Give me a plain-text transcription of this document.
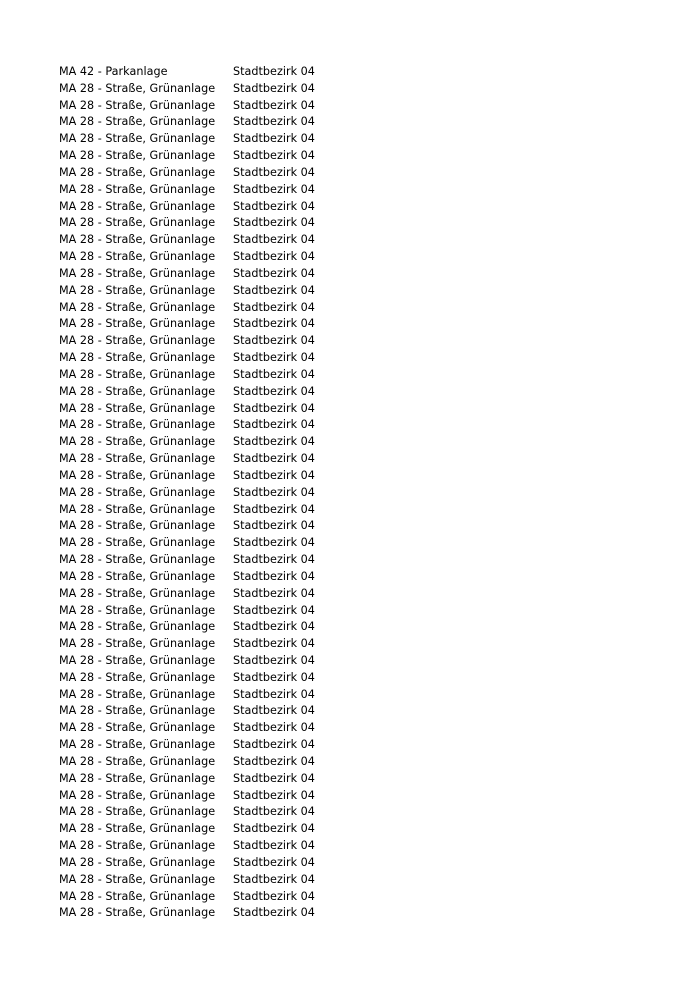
MA 42 - Parkanlage	Stadtbezirk 04
MA 28 - Straße, Grünanlage	Stadtbezirk 04
MA 28 - Straße, Grünanlage	Stadtbezirk 04
MA 28 - Straße, Grünanlage	Stadtbezirk 04
MA 28 - Straße, Grünanlage	Stadtbezirk 04
MA 28 - Straße, Grünanlage	Stadtbezirk 04
MA 28 - Straße, Grünanlage	Stadtbezirk 04
MA 28 - Straße, Grünanlage	Stadtbezirk 04
MA 28 - Straße, Grünanlage	Stadtbezirk 04
MA 28 - Straße, Grünanlage	Stadtbezirk 04
MA 28 - Straße, Grünanlage	Stadtbezirk 04
MA 28 - Straße, Grünanlage	Stadtbezirk 04
MA 28 - Straße, Grünanlage	Stadtbezirk 04
MA 28 - Straße, Grünanlage	Stadtbezirk 04
MA 28 - Straße, Grünanlage	Stadtbezirk 04
MA 28 - Straße, Grünanlage	Stadtbezirk 04
MA 28 - Straße, Grünanlage	Stadtbezirk 04
MA 28 - Straße, Grünanlage	Stadtbezirk 04
MA 28 - Straße, Grünanlage	Stadtbezirk 04
MA 28 - Straße, Grünanlage	Stadtbezirk 04
MA 28 - Straße, Grünanlage	Stadtbezirk 04
MA 28 - Straße, Grünanlage	Stadtbezirk 04
MA 28 - Straße, Grünanlage	Stadtbezirk 04
MA 28 - Straße, Grünanlage	Stadtbezirk 04
MA 28 - Straße, Grünanlage	Stadtbezirk 04
MA 28 - Straße, Grünanlage	Stadtbezirk 04
MA 28 - Straße, Grünanlage	Stadtbezirk 04
MA 28 - Straße, Grünanlage	Stadtbezirk 04
MA 28 - Straße, Grünanlage	Stadtbezirk 04
MA 28 - Straße, Grünanlage	Stadtbezirk 04
MA 28 - Straße, Grünanlage	Stadtbezirk 04
MA 28 - Straße, Grünanlage	Stadtbezirk 04
MA 28 - Straße, Grünanlage	Stadtbezirk 04
MA 28 - Straße, Grünanlage	Stadtbezirk 04
MA 28 - Straße, Grünanlage	Stadtbezirk 04
MA 28 - Straße, Grünanlage	Stadtbezirk 04
MA 28 - Straße, Grünanlage	Stadtbezirk 04
MA 28 - Straße, Grünanlage	Stadtbezirk 04
MA 28 - Straße, Grünanlage	Stadtbezirk 04
MA 28 - Straße, Grünanlage	Stadtbezirk 04
MA 28 - Straße, Grünanlage	Stadtbezirk 04
MA 28 - Straße, Grünanlage	Stadtbezirk 04
MA 28 - Straße, Grünanlage	Stadtbezirk 04
MA 28 - Straße, Grünanlage	Stadtbezirk 04
MA 28 - Straße, Grünanlage	Stadtbezirk 04
MA 28 - Straße, Grünanlage	Stadtbezirk 04
MA 28 - Straße, Grünanlage	Stadtbezirk 04
MA 28 - Straße, Grünanlage	Stadtbezirk 04
MA 28 - Straße, Grünanlage	Stadtbezirk 04
MA 28 - Straße, Grünanlage	Stadtbezirk 04
MA 28 - Straße, Grünanlage	Stadtbezirk 04
